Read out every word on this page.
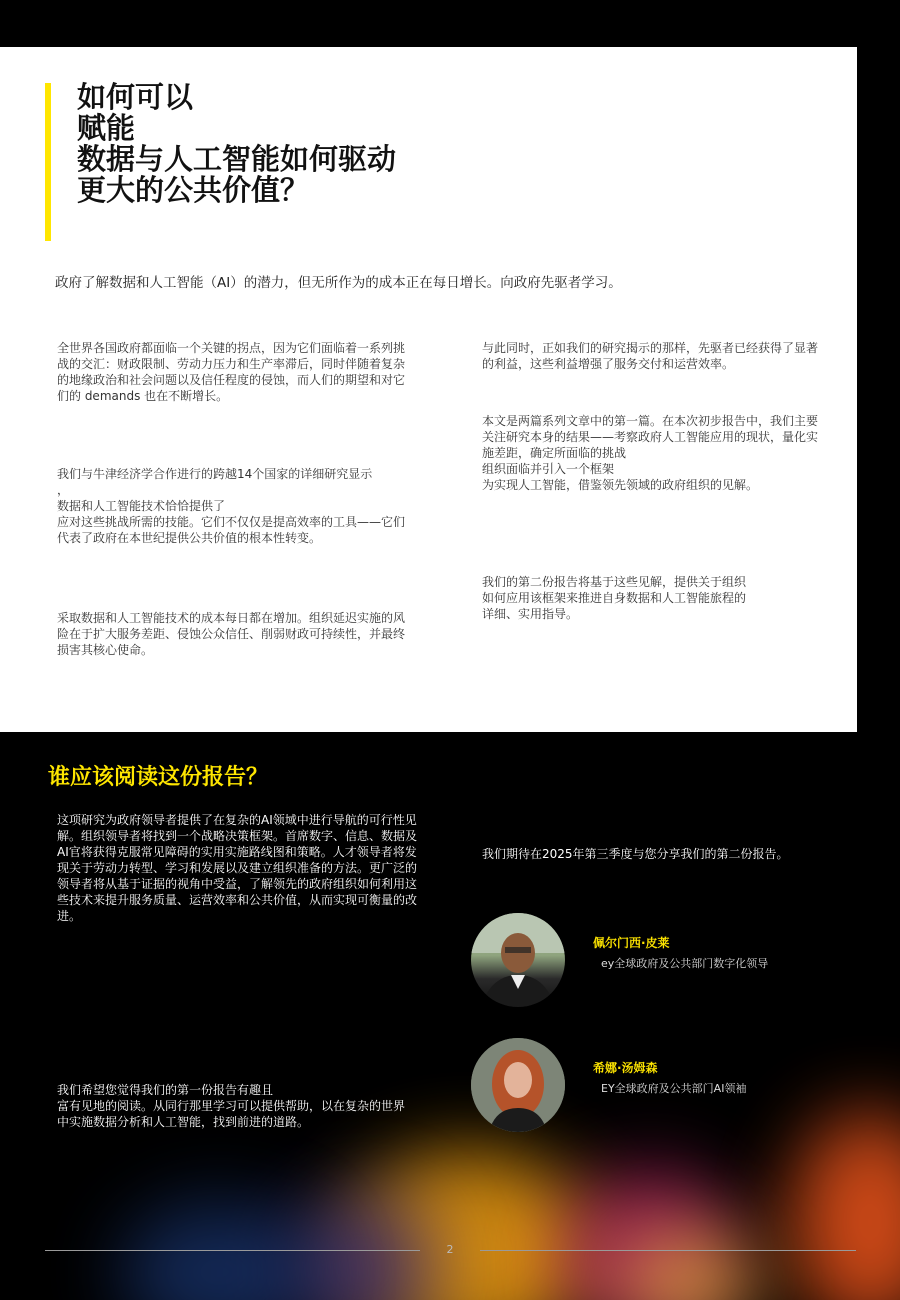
如何可以
赋能
数据与人工智能如何驱动
更大的公共价值？

政府了解数据和人工智能（AI）的潜力，但无所作为的成本正在每日增长。向政府先驱者学习。

全世界各国政府都面临一个关键的拐点，因为它们面临着一系列挑战的交汇：财政限制、劳动力压力和生产率滞后，同时伴随着复杂的地缘政治和社会问题以及信任程度的侵蚀，而人们的期望和对它们的 demands 也在不断增长。

我们与牛津经济学合作进行的跨越14个国家的详细研究显示
，
数据和人工智能技术恰恰提供了
应对这些挑战所需的技能。它们不仅仅是提高效率的工具——它们代表了政府在本世纪提供公共价值的根本性转变。

采取数据和人工智能技术的成本每日都在增加。组织延迟实施的风险在于扩大服务差距、侵蚀公众信任、削弱财政可持续性，并最终损害其核心使命。

与此同时，正如我们的研究揭示的那样，先驱者已经获得了显著的利益，这些利益增强了服务交付和运营效率。

本文是两篇系列文章中的第一篇。在本次初步报告中，我们主要关注研究本身的结果——考察政府人工智能应用的现状，量化实施差距，确定所面临的挑战
组织面临并引入一个框架
为实现人工智能，借鉴领先领域的政府组织的见解。

我们的第二份报告将基于这些见解，提供关于组织
如何应用该框架来推进自身数据和人工智能旅程的
详细、实用指导。

谁应该阅读这份报告？

这项研究为政府领导者提供了在复杂的AI领域中进行导航的可行性见解。组织领导者将找到一个战略决策框架。首席数字、信息、数据及AI官将获得克服常见障碍的实用实施路线图和策略。人才领导者将发现关于劳动力转型、学习和发展以及建立组织准备的方法。更广泛的领导者将从基于证据的视角中受益，了解领先的政府组织如何利用这些技术来提升服务质量、运营效率和公共价值，从而实现可衡量的改进。

我们希望您觉得我们的第一份报告有趣且
富有见地的阅读。从同行那里学习可以提供帮助，以在复杂的世界中实施数据分析和人工智能，找到前进的道路。

我们期待在2025年第三季度与您分享我们的第二份报告。

佩尔门西·皮莱

ey全球政府及公共部门数字化领导

希娜·汤姆森

EY全球政府及公共部门AI领袖

2
